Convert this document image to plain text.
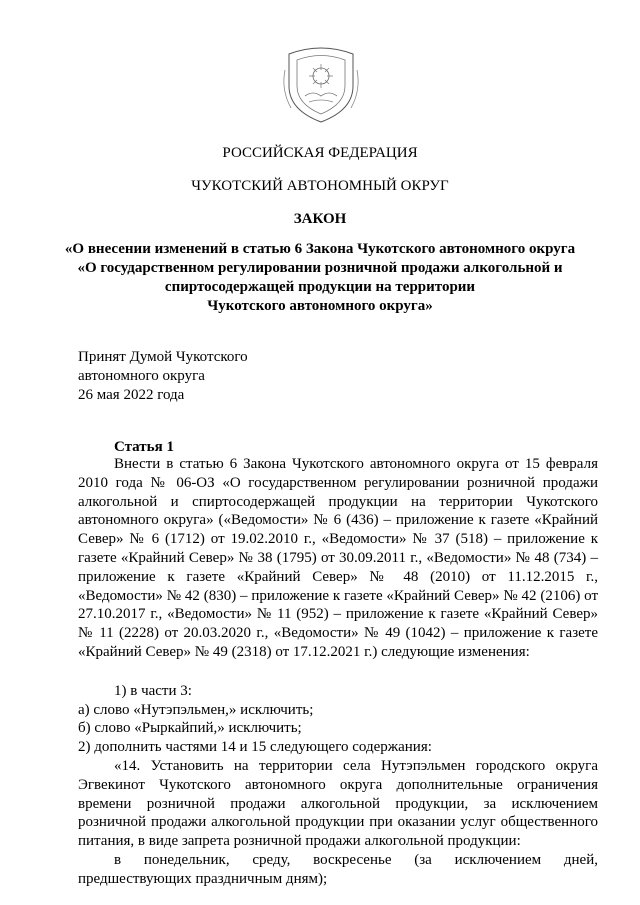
РОССИЙСКАЯ ФЕДЕРАЦИЯ

ЧУКОТСКИЙ АВТОНОМНЫЙ ОКРУГ

ЗАКОН

«О внесении изменений в статью 6 Закона Чукотского автономного округа
«О государственном регулировании розничной продажи алкогольной и
спиртосодержащей продукции на территории
Чукотского автономного округа»
Принят Думой Чукотского
автономного округа
26 мая 2022 года
Статья 1

Внести в статью 6 Закона Чукотского автономного округа от 15 февраля 2010 года № 06-ОЗ «О государственном регулировании розничной продажи алкогольной и спиртосодержащей продукции на территории Чукотского автономного округа» («Ведомости» № 6 (436) – приложение к газете «Крайний Север» № 6 (1712) от 19.02.2010 г., «Ведомости» № 37 (518) – приложение к газете «Крайний Север» № 38 (1795) от 30.09.2011 г., «Ведомости» № 48 (734) – приложение к газете «Крайний Север» № 48 (2010) от 11.12.2015 г., «Ведомости» № 42 (830) – приложение к газете «Крайний Север» № 42 (2106) от 27.10.2017 г., «Ведомости» № 11 (952) – приложение к газете «Крайний Север» № 11 (2228) от 20.03.2020 г., «Ведомости» № 49 (1042) – приложение к газете «Крайний Север» № 49 (2318) от 17.12.2021 г.) следующие изменения:

1) в части 3:

а) слово «Нутэпэльмен,» исключить;

б) слово «Рыркайпий,» исключить;

2) дополнить частями 14 и 15 следующего содержания:

«14. Установить на территории села Нутэпэльмен городского округа Эгвекинот Чукотского автономного округа дополнительные ограничения времени розничной продажи алкогольной продукции, за исключением розничной продажи алкогольной продукции при оказании услуг общественного питания, в виде запрета розничной продажи алкогольной продукции:

в понедельник, среду, воскресенье (за исключением дней, предшествующих праздничным дням);
